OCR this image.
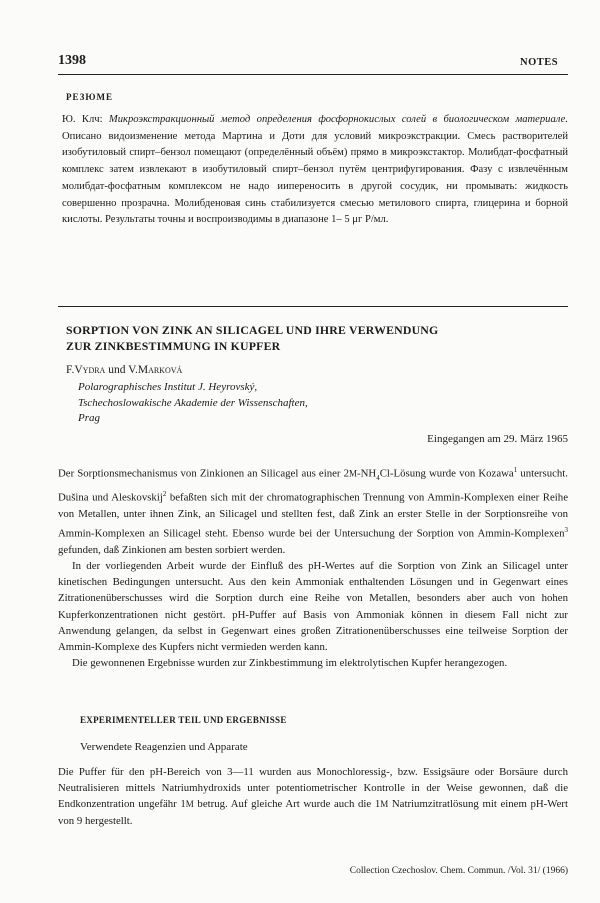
1398	NOTES
РЕЗЮМЕ
Ю. Клч: Микроэкстракционный метод определения фосфорнокислых солей в биологическом материале. Описано видоизменение метода Мартина и Доти для условий микроэкстракции. Смесь растворителей изобутиловый спирт–бензол помещают (определённый объём) прямо в микроэкстактор. Молибдат-фосфатный комплекс затем извлекают в изобутиловый спирт–бензол путём центрифугирования. Фазу с извлечённым молибдат-фосфатным комплексом не надо иипереносить в другой сосудик, ни промывать: жидкость совершенно прозрачна. Молибденовая синь стабилизуется смесью метилового спирта, глицерина и борной кислоты. Результаты точны и воспроизводимы в диапазоне 1– 5 μг P/мл.
SORPTION VON ZINK AN SILICAGEL UND IHRE VERWENDUNG
ZUR ZINKBESTIMMUNG IN KUPFER
F.Vydra und V.Marková
Polarographisches Institut J. Heyrovský,
Tschechoslowakische Akademie der Wissenschaften,
Prag
Eingegangen am 29. März 1965

Der Sorptionsmechanismus von Zinkionen an Silicagel aus einer $2M-NH_4Cl$-Lösung wurde von Kozawa$^1$ untersucht. Dušina und Aleskovskij$^2$ befaßten sich mit der chromatographischen Trennung von Ammin-Komplexen einer Reihe von Metallen, unter ihnen Zink, an Silicagel und stellten fest, daß Zink an erster Stelle in der Sorptionsreihe von Ammin-Komplexen an Silicagel steht. Ebenso wurde bei der Untersuchung der Sorption von Ammin-Komplexen$^3$ gefunden, daß Zinkionen am besten sorbiert werden.

In der vorliegenden Arbeit wurde der Einfluß des pH-Wertes auf die Sorption von Zink an Silicagel unter kinetischen Bedingungen untersucht. Aus den kein Ammoniak enthaltenden Lösungen und in Gegenwart eines Zitrationenüberschusses wird die Sorption durch eine Reihe von Metallen, besonders aber auch von hohen Kupferkonzentrationen nicht gestört. pH-Puffer auf Basis von Ammoniak können in diesem Fall nicht zur Anwendung gelangen, da selbst in Gegenwart eines großen Zitrationenüberschusses eine teilweise Sorption der Ammin-Komplexe des Kupfers nicht vermieden werden kann.

Die gewonnenen Ergebnisse wurden zur Zinkbestimmung im elektrolytischen Kupfer herangezogen.

EXPERIMENTELLER TEIL UND ERGEBNISSE
Verwendete Reagenzien und Apparate

Die Puffer für den pH-Bereich von 3—11 wurden aus Monochloressig-, bzw. Essigsäure oder Borsäure durch Neutralisieren mittels Natriumhydroxids unter potentiometrischer Kontrolle in der Weise gewonnen, daß die Endkonzentration ungefähr 1M betrug. Auf gleiche Art wurde auch die 1M Natriumzitratlösung mit einem pH-Wert von 9 hergestellt.

Collection Czechoslov. Chem. Commun. /Vol. 31/ (1966)
